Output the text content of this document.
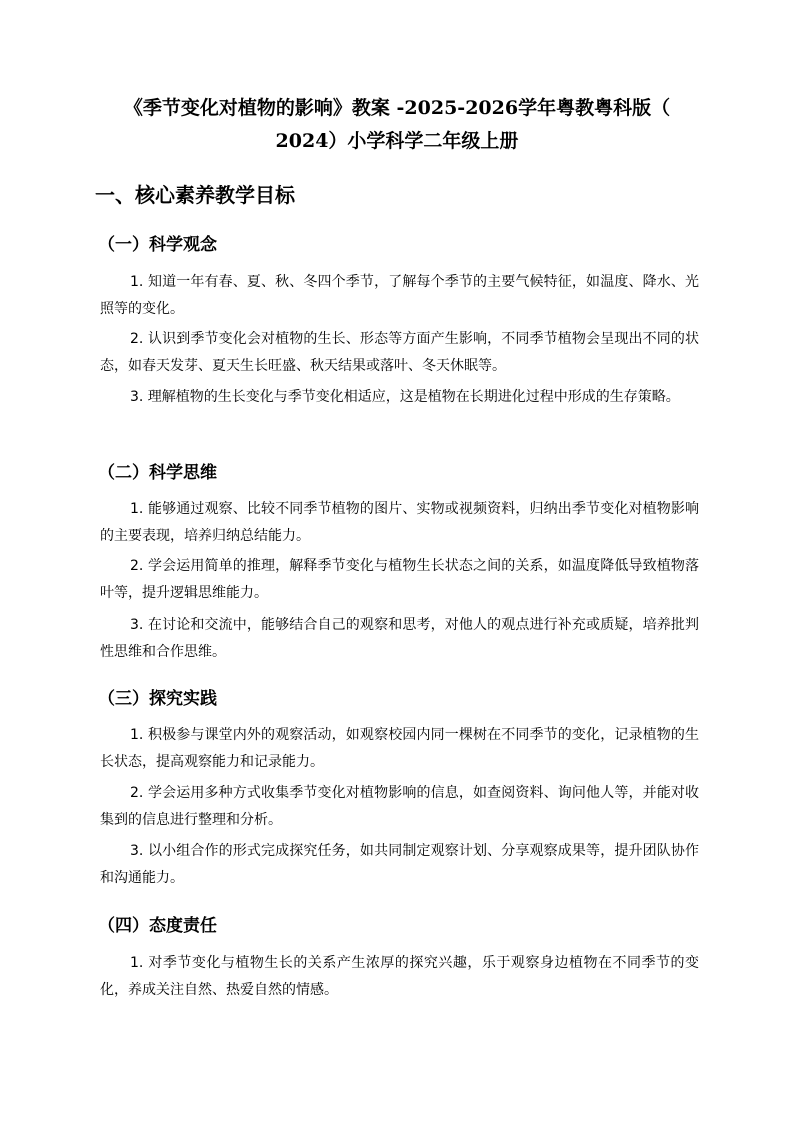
《季节变化对植物的影响》教案 -2025-2026学年粤教粤科版（ 2024）小学科学二年级上册
一、核心素养教学目标
（一）科学观念

1. 知道一年有春、夏、秋、冬四个季节，了解每个季节的主要气候特征，如温度、降水、光照等的变化。

2. 认识到季节变化会对植物的生长、形态等方面产生影响，不同季节植物会呈现出不同的状态，如春天发芽、夏天生长旺盛、秋天结果或落叶、冬天休眠等。

3. 理解植物的生长变化与季节变化相适应，这是植物在长期进化过程中形成的生存策略。

（二）科学思维

1. 能够通过观察、比较不同季节植物的图片、实物或视频资料，归纳出季节变化对植物影响的主要表现，培养归纳总结能力。

2. 学会运用简单的推理，解释季节变化与植物生长状态之间的关系，如温度降低导致植物落叶等，提升逻辑思维能力。

3. 在讨论和交流中，能够结合自己的观察和思考，对他人的观点进行补充或质疑，培养批判性思维和合作思维。

（三）探究实践

1. 积极参与课堂内外的观察活动，如观察校园内同一棵树在不同季节的变化，记录植物的生长状态，提高观察能力和记录能力。

2. 学会运用多种方式收集季节变化对植物影响的信息，如查阅资料、询问他人等，并能对收集到的信息进行整理和分析。

3. 以小组合作的形式完成探究任务，如共同制定观察计划、分享观察成果等，提升团队协作和沟通能力。

（四）态度责任

1. 对季节变化与植物生长的关系产生浓厚的探究兴趣，乐于观察身边植物在不同季节的变化，养成关注自然、热爱自然的情感。
